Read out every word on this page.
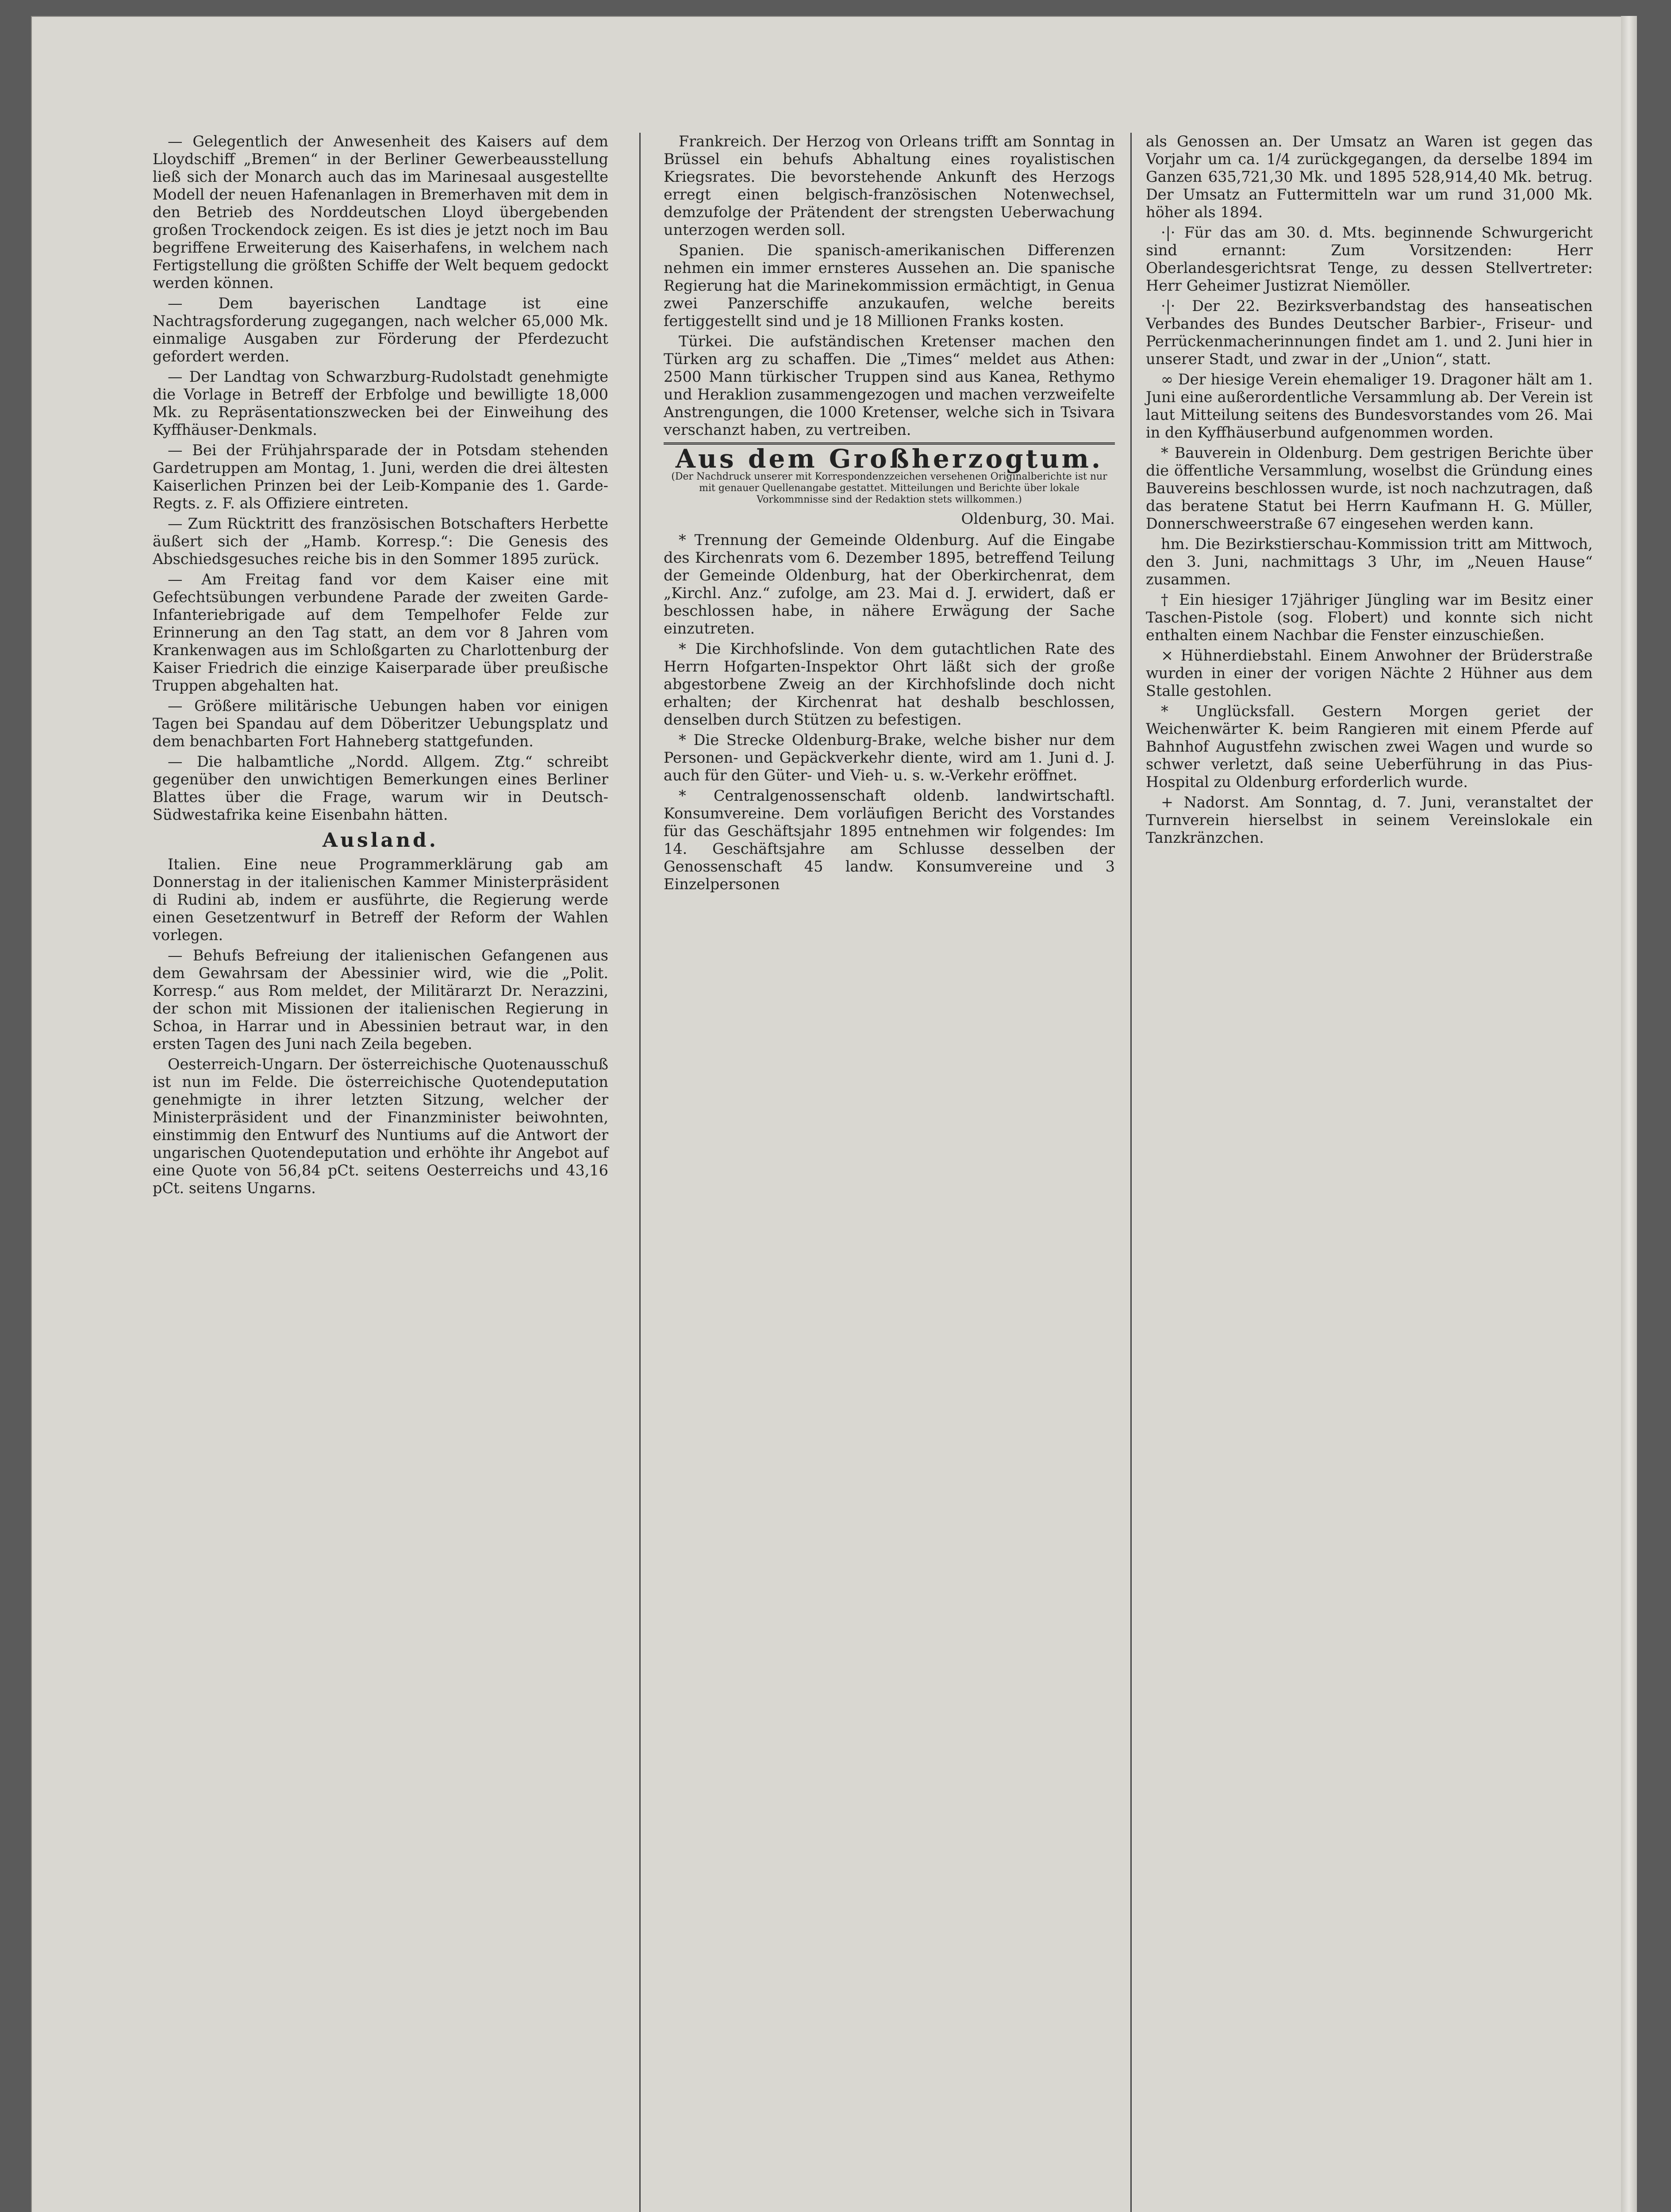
— Gelegentlich der Anwesenheit des Kaisers auf dem Lloydschiff „Bremen“ in der Berliner Gewerbeausstellung ließ sich der Monarch auch das im Marinesaal ausgestellte Modell der neuen Hafenanlagen in Bremerhaven mit dem in den Betrieb des Norddeutschen Lloyd übergebenden großen Trockendock zeigen. Es ist dies je jetzt noch im Bau begriffene Erweiterung des Kaiserhafens, in welchem nach Fertigstellung die größten Schiffe der Welt bequem gedockt werden können.

— Dem bayerischen Landtage ist eine Nachtragsforderung zugegangen, nach welcher 65,000 Mk. einmalige Ausgaben zur Förderung der Pferdezucht gefordert werden.

— Der Landtag von Schwarzburg-Rudolstadt genehmigte die Vorlage in Betreff der Erbfolge und bewilligte 18,000 Mk. zu Repräsentationszwecken bei der Einweihung des Kyffhäuser-Denkmals.

— Bei der Frühjahrsparade der in Potsdam stehenden Gardetruppen am Montag, 1. Juni, werden die drei ältesten Kaiserlichen Prinzen bei der Leib-Kompanie des 1. Garde-Regts. z. F. als Offiziere eintreten.

— Zum Rücktritt des französischen Botschafters Herbette äußert sich der „Hamb. Korresp.“: Die Genesis des Abschiedsgesuches reiche bis in den Sommer 1895 zurück.

— Am Freitag fand vor dem Kaiser eine mit Gefechtsübungen verbundene Parade der zweiten Garde-Infanteriebrigade auf dem Tempelhofer Felde zur Erinnerung an den Tag statt, an dem vor 8 Jahren vom Krankenwagen aus im Schloßgarten zu Charlottenburg der Kaiser Friedrich die einzige Kaiserparade über preußische Truppen abgehalten hat.

— Größere militärische Uebungen haben vor einigen Tagen bei Spandau auf dem Döberitzer Uebungsplatz und dem benachbarten Fort Hahneberg stattgefunden.

— Die halbamtliche „Nordd. Allgem. Ztg.“ schreibt gegenüber den unwichtigen Bemerkungen eines Berliner Blattes über die Frage, warum wir in Deutsch-Südwestafrika keine Eisenbahn hätten.

Ausland.

Italien. Eine neue Programmerklärung gab am Donnerstag in der italienischen Kammer Ministerpräsident di Rudini ab, indem er ausführte, die Regierung werde einen Gesetzentwurf in Betreff der Reform der Wahlen vorlegen.

— Behufs Befreiung der italienischen Gefangenen aus dem Gewahrsam der Abessinier wird, wie die „Polit. Korresp.“ aus Rom meldet, der Militärarzt Dr. Nerazzini, der schon mit Missionen der italienischen Regierung in Schoa, in Harrar und in Abessinien betraut war, in den ersten Tagen des Juni nach Zeila begeben.

Oesterreich-Ungarn. Der österreichische Quotenausschuß ist nun im Felde. Die österreichische Quotendeputation genehmigte in ihrer letzten Sitzung, welcher der Ministerpräsident und der Finanzminister beiwohnten, einstimmig den Entwurf des Nuntiums auf die Antwort der ungarischen Quotendeputation und erhöhte ihr Angebot auf eine Quote von 56,84 pCt. seitens Oesterreichs und 43,16 pCt. seitens Ungarns.

Frankreich. Der Herzog von Orleans trifft am Sonntag in Brüssel ein behufs Abhaltung eines royalistischen Kriegsrates. Die bevorstehende Ankunft des Herzogs erregt einen belgisch-französischen Notenwechsel, demzufolge der Prätendent der strengsten Ueberwachung unterzogen werden soll.

Spanien. Die spanisch-amerikanischen Differenzen nehmen ein immer ernsteres Aussehen an. Die spanische Regierung hat die Marinekommission ermächtigt, in Genua zwei Panzerschiffe anzukaufen, welche bereits fertiggestellt sind und je 18 Millionen Franks kosten.

Türkei. Die aufständischen Kretenser machen den Türken arg zu schaffen. Die „Times“ meldet aus Athen: 2500 Mann türkischer Truppen sind aus Kanea, Rethymo und Heraklion zusammengezogen und machen verzweifelte Anstrengungen, die 1000 Kretenser, welche sich in Tsivara verschanzt haben, zu vertreiben.

Aus dem Großherzogtum.
(Der Nachdruck unserer mit Korrespondenzzeichen versehenen Originalberichte ist nur mit genauer Quellenangabe gestattet. Mitteilungen und Berichte über lokale Vorkommnisse sind der Redaktion stets willkommen.)
Oldenburg, 30. Mai.

* Trennung der Gemeinde Oldenburg. Auf die Eingabe des Kirchenrats vom 6. Dezember 1895, betreffend Teilung der Gemeinde Oldenburg, hat der Oberkirchenrat, dem „Kirchl. Anz.“ zufolge, am 23. Mai d. J. erwidert, daß er beschlossen habe, in nähere Erwägung der Sache einzutreten.

* Die Kirchhofslinde. Von dem gutachtlichen Rate des Herrn Hofgarten-Inspektor Ohrt läßt sich der große abgestorbene Zweig an der Kirchhofslinde doch nicht erhalten; der Kirchenrat hat deshalb beschlossen, denselben durch Stützen zu befestigen.

* Die Strecke Oldenburg-Brake, welche bisher nur dem Personen- und Gepäckverkehr diente, wird am 1. Juni d. J. auch für den Güter- und Vieh- u. s. w.-Verkehr eröffnet.

* Centralgenossenschaft oldenb. landwirtschaftl. Konsumvereine. Dem vorläufigen Bericht des Vorstandes für das Geschäftsjahr 1895 entnehmen wir folgendes: Im 14. Geschäftsjahre am Schlusse desselben der Genossenschaft 45 landw. Konsumvereine und 3 Einzelpersonen

als Genossen an. Der Umsatz an Waren ist gegen das Vorjahr um ca. 1/4 zurückgegangen, da derselbe 1894 im Ganzen 635,721,30 Mk. und 1895 528,914,40 Mk. betrug. Der Umsatz an Futtermitteln war um rund 31,000 Mk. höher als 1894.

·|· Für das am 30. d. Mts. beginnende Schwurgericht sind ernannt: Zum Vorsitzenden: Herr Oberlandesgerichtsrat Tenge, zu dessen Stellvertreter: Herr Geheimer Justizrat Niemöller.

·|· Der 22. Bezirksverbandstag des hanseatischen Verbandes des Bundes Deutscher Barbier-, Friseur- und Perrückenmacherinnungen findet am 1. und 2. Juni hier in unserer Stadt, und zwar in der „Union“, statt.

∞ Der hiesige Verein ehemaliger 19. Dragoner hält am 1. Juni eine außerordentliche Versammlung ab. Der Verein ist laut Mitteilung seitens des Bundesvorstandes vom 26. Mai in den Kyffhäuserbund aufgenommen worden.

* Bauverein in Oldenburg. Dem gestrigen Berichte über die öffentliche Versammlung, woselbst die Gründung eines Bauvereins beschlossen wurde, ist noch nachzutragen, daß das beratene Statut bei Herrn Kaufmann H. G. Müller, Donnerschweerstraße 67 eingesehen werden kann.

hm. Die Bezirkstierschau-Kommission tritt am Mittwoch, den 3. Juni, nachmittags 3 Uhr, im „Neuen Hause“ zusammen.

† Ein hiesiger 17jähriger Jüngling war im Besitz einer Taschen-Pistole (sog. Flobert) und konnte sich nicht enthalten einem Nachbar die Fenster einzuschießen.

× Hühnerdiebstahl. Einem Anwohner der Brüderstraße wurden in einer der vorigen Nächte 2 Hühner aus dem Stalle gestohlen.

* Unglücksfall. Gestern Morgen geriet der Weichenwärter K. beim Rangieren mit einem Pferde auf Bahnhof Augustfehn zwischen zwei Wagen und wurde so schwer verletzt, daß seine Ueberführung in das Pius-Hospital zu Oldenburg erforderlich wurde.

+ Nadorst. Am Sonntag, d. 7. Juni, veranstaltet der Turnverein hierselbst in seinem Vereinslokale ein Tanzkränzchen.
